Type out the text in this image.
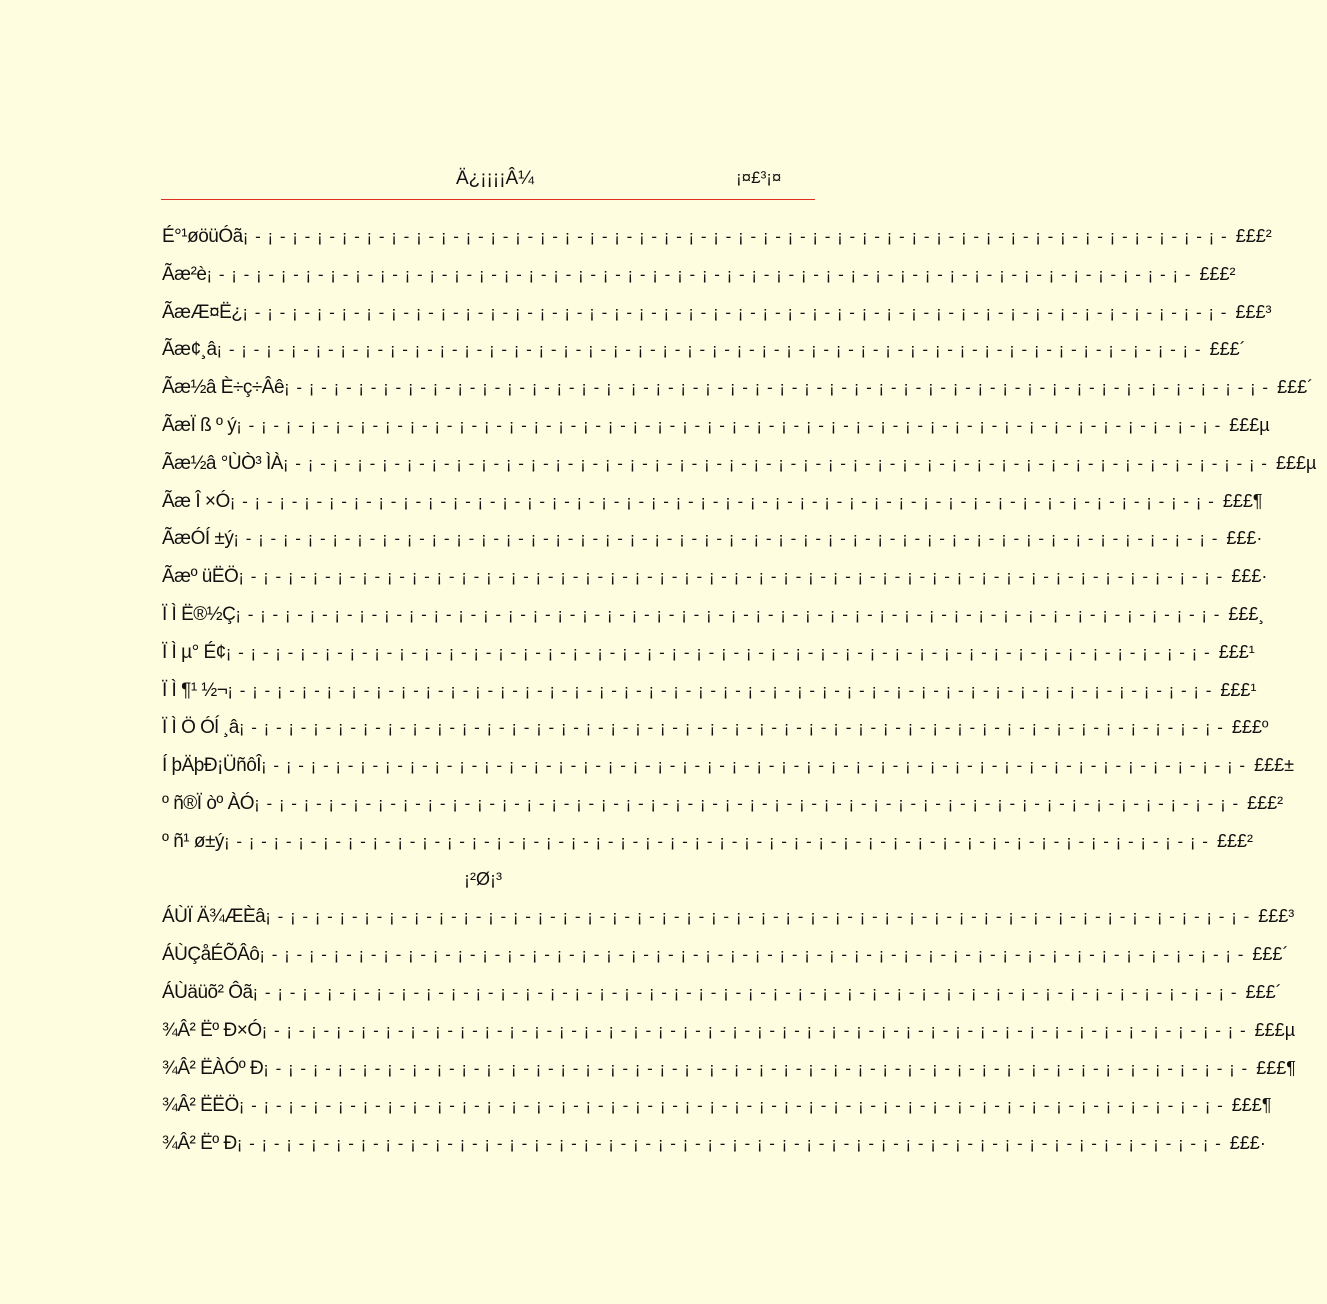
Ä¿¡¡¡¡Â¼	¡¤£³¡¤
É°¹øöüÓã ¡ - ¡ - ¡ - ¡ - ¡ - ¡ - ¡ - ¡ - ¡ - ¡ - ¡ - ¡ - ¡ - ¡ - ¡ - ¡ - ¡ - ¡ - ¡ - ¡ - ¡ - ¡ - ¡ - ¡ - ¡ - ¡ - ¡ - ¡ - ¡ - ¡ - ¡ - ¡ - ¡ - ¡ - ¡ - ¡ - ¡ - ¡ - ¡ - ¡ - £££²
Ãæ²è ¡ - ¡ - ¡ - ¡ - ¡ - ¡ - ¡ - ¡ - ¡ - ¡ - ¡ - ¡ - ¡ - ¡ - ¡ - ¡ - ¡ - ¡ - ¡ - ¡ - ¡ - ¡ - ¡ - ¡ - ¡ - ¡ - ¡ - ¡ - ¡ - ¡ - ¡ - ¡ - ¡ - ¡ - ¡ - ¡ - ¡ - ¡ - ¡ - ¡ - £££²
ÃæÆ¤Ë¿ ¡ - ¡ - ¡ - ¡ - ¡ - ¡ - ¡ - ¡ - ¡ - ¡ - ¡ - ¡ - ¡ - ¡ - ¡ - ¡ - ¡ - ¡ - ¡ - ¡ - ¡ - ¡ - ¡ - ¡ - ¡ - ¡ - ¡ - ¡ - ¡ - ¡ - ¡ - ¡ - ¡ - ¡ - ¡ - ¡ - ¡ - ¡ - ¡ - ¡ - £££³
Ãæ¢¸â ¡ - ¡ - ¡ - ¡ - ¡ - ¡ - ¡ - ¡ - ¡ - ¡ - ¡ - ¡ - ¡ - ¡ - ¡ - ¡ - ¡ - ¡ - ¡ - ¡ - ¡ - ¡ - ¡ - ¡ - ¡ - ¡ - ¡ - ¡ - ¡ - ¡ - ¡ - ¡ - ¡ - ¡ - ¡ - ¡ - ¡ - ¡ - ¡ - ¡ - £££´
Ãæ½â È÷ç÷Âê ¡ - ¡ - ¡ - ¡ - ¡ - ¡ - ¡ - ¡ - ¡ - ¡ - ¡ - ¡ - ¡ - ¡ - ¡ - ¡ - ¡ - ¡ - ¡ - ¡ - ¡ - ¡ - ¡ - ¡ - ¡ - ¡ - ¡ - ¡ - ¡ - ¡ - ¡ - ¡ - ¡ - ¡ - ¡ - ¡ - ¡ - ¡ - ¡ - ¡ - £££´
ÃæÏ ß º ý ¡ - ¡ - ¡ - ¡ - ¡ - ¡ - ¡ - ¡ - ¡ - ¡ - ¡ - ¡ - ¡ - ¡ - ¡ - ¡ - ¡ - ¡ - ¡ - ¡ - ¡ - ¡ - ¡ - ¡ - ¡ - ¡ - ¡ - ¡ - ¡ - ¡ - ¡ - ¡ - ¡ - ¡ - ¡ - ¡ - ¡ - ¡ - ¡ - ¡ - £££µ
Ãæ½â °ÙÒ³ ÌÀ ¡ - ¡ - ¡ - ¡ - ¡ - ¡ - ¡ - ¡ - ¡ - ¡ - ¡ - ¡ - ¡ - ¡ - ¡ - ¡ - ¡ - ¡ - ¡ - ¡ - ¡ - ¡ - ¡ - ¡ - ¡ - ¡ - ¡ - ¡ - ¡ - ¡ - ¡ - ¡ - ¡ - ¡ - ¡ - ¡ - ¡ - ¡ - ¡ - ¡ - £££µ
Ãæ Î ×Ó ¡ - ¡ - ¡ - ¡ - ¡ - ¡ - ¡ - ¡ - ¡ - ¡ - ¡ - ¡ - ¡ - ¡ - ¡ - ¡ - ¡ - ¡ - ¡ - ¡ - ¡ - ¡ - ¡ - ¡ - ¡ - ¡ - ¡ - ¡ - ¡ - ¡ - ¡ - ¡ - ¡ - ¡ - ¡ - ¡ - ¡ - ¡ - ¡ - ¡ - £££¶
ÃæÓÍ ±ý ¡ - ¡ - ¡ - ¡ - ¡ - ¡ - ¡ - ¡ - ¡ - ¡ - ¡ - ¡ - ¡ - ¡ - ¡ - ¡ - ¡ - ¡ - ¡ - ¡ - ¡ - ¡ - ¡ - ¡ - ¡ - ¡ - ¡ - ¡ - ¡ - ¡ - ¡ - ¡ - ¡ - ¡ - ¡ - ¡ - ¡ - ¡ - ¡ - ¡ - £££·
Ãæº üËÖ ¡ - ¡ - ¡ - ¡ - ¡ - ¡ - ¡ - ¡ - ¡ - ¡ - ¡ - ¡ - ¡ - ¡ - ¡ - ¡ - ¡ - ¡ - ¡ - ¡ - ¡ - ¡ - ¡ - ¡ - ¡ - ¡ - ¡ - ¡ - ¡ - ¡ - ¡ - ¡ - ¡ - ¡ - ¡ - ¡ - ¡ - ¡ - ¡ - ¡ - £££·
Ï Ì Ë®½Ç ¡ - ¡ - ¡ - ¡ - ¡ - ¡ - ¡ - ¡ - ¡ - ¡ - ¡ - ¡ - ¡ - ¡ - ¡ - ¡ - ¡ - ¡ - ¡ - ¡ - ¡ - ¡ - ¡ - ¡ - ¡ - ¡ - ¡ - ¡ - ¡ - ¡ - ¡ - ¡ - ¡ - ¡ - ¡ - ¡ - ¡ - ¡ - ¡ - ¡ - £££¸
Ï Ì µ° É¢ ¡ - ¡ - ¡ - ¡ - ¡ - ¡ - ¡ - ¡ - ¡ - ¡ - ¡ - ¡ - ¡ - ¡ - ¡ - ¡ - ¡ - ¡ - ¡ - ¡ - ¡ - ¡ - ¡ - ¡ - ¡ - ¡ - ¡ - ¡ - ¡ - ¡ - ¡ - ¡ - ¡ - ¡ - ¡ - ¡ - ¡ - ¡ - ¡ - ¡ - £££¹
Ï Ì ¶¹ ½¬ ¡ - ¡ - ¡ - ¡ - ¡ - ¡ - ¡ - ¡ - ¡ - ¡ - ¡ - ¡ - ¡ - ¡ - ¡ - ¡ - ¡ - ¡ - ¡ - ¡ - ¡ - ¡ - ¡ - ¡ - ¡ - ¡ - ¡ - ¡ - ¡ - ¡ - ¡ - ¡ - ¡ - ¡ - ¡ - ¡ - ¡ - ¡ - ¡ - ¡ - £££¹
Ï Ì Ö Óĺ ¸â ¡ - ¡ - ¡ - ¡ - ¡ - ¡ - ¡ - ¡ - ¡ - ¡ - ¡ - ¡ - ¡ - ¡ - ¡ - ¡ - ¡ - ¡ - ¡ - ¡ - ¡ - ¡ - ¡ - ¡ - ¡ - ¡ - ¡ - ¡ - ¡ - ¡ - ¡ - ¡ - ¡ - ¡ - ¡ - ¡ - ¡ - ¡ - ¡ - ¡ - £££º
Í þÄþÐ¡ÜñôÎ ¡ - ¡ - ¡ - ¡ - ¡ - ¡ - ¡ - ¡ - ¡ - ¡ - ¡ - ¡ - ¡ - ¡ - ¡ - ¡ - ¡ - ¡ - ¡ - ¡ - ¡ - ¡ - ¡ - ¡ - ¡ - ¡ - ¡ - ¡ - ¡ - ¡ - ¡ - ¡ - ¡ - ¡ - ¡ - ¡ - ¡ - ¡ - ¡ - ¡ - £££±
º ñ®Ï òº ÀÓ ¡ - ¡ - ¡ - ¡ - ¡ - ¡ - ¡ - ¡ - ¡ - ¡ - ¡ - ¡ - ¡ - ¡ - ¡ - ¡ - ¡ - ¡ - ¡ - ¡ - ¡ - ¡ - ¡ - ¡ - ¡ - ¡ - ¡ - ¡ - ¡ - ¡ - ¡ - ¡ - ¡ - ¡ - ¡ - ¡ - ¡ - ¡ - ¡ - ¡ - £££²
º ñ¹ ø±ý ¡ - ¡ - ¡ - ¡ - ¡ - ¡ - ¡ - ¡ - ¡ - ¡ - ¡ - ¡ - ¡ - ¡ - ¡ - ¡ - ¡ - ¡ - ¡ - ¡ - ¡ - ¡ - ¡ - ¡ - ¡ - ¡ - ¡ - ¡ - ¡ - ¡ - ¡ - ¡ - ¡ - ¡ - ¡ - ¡ - ¡ - ¡ - ¡ - ¡ - £££²
¡²Ø¡³
ÁÙÏ Ä¾ÆÈâ ¡ - ¡ - ¡ - ¡ - ¡ - ¡ - ¡ - ¡ - ¡ - ¡ - ¡ - ¡ - ¡ - ¡ - ¡ - ¡ - ¡ - ¡ - ¡ - ¡ - ¡ - ¡ - ¡ - ¡ - ¡ - ¡ - ¡ - ¡ - ¡ - ¡ - ¡ - ¡ - ¡ - ¡ - ¡ - ¡ - ¡ - ¡ - ¡ - ¡ - £££³
ÁÙÇåÉÕÂô ¡ - ¡ - ¡ - ¡ - ¡ - ¡ - ¡ - ¡ - ¡ - ¡ - ¡ - ¡ - ¡ - ¡ - ¡ - ¡ - ¡ - ¡ - ¡ - ¡ - ¡ - ¡ - ¡ - ¡ - ¡ - ¡ - ¡ - ¡ - ¡ - ¡ - ¡ - ¡ - ¡ - ¡ - ¡ - ¡ - ¡ - ¡ - ¡ - ¡ - £££´
ÁÙäüõ² Ôã ¡ - ¡ - ¡ - ¡ - ¡ - ¡ - ¡ - ¡ - ¡ - ¡ - ¡ - ¡ - ¡ - ¡ - ¡ - ¡ - ¡ - ¡ - ¡ - ¡ - ¡ - ¡ - ¡ - ¡ - ¡ - ¡ - ¡ - ¡ - ¡ - ¡ - ¡ - ¡ - ¡ - ¡ - ¡ - ¡ - ¡ - ¡ - ¡ - ¡ - £££´
¾Â² Ëº Ð×Ó ¡ - ¡ - ¡ - ¡ - ¡ - ¡ - ¡ - ¡ - ¡ - ¡ - ¡ - ¡ - ¡ - ¡ - ¡ - ¡ - ¡ - ¡ - ¡ - ¡ - ¡ - ¡ - ¡ - ¡ - ¡ - ¡ - ¡ - ¡ - ¡ - ¡ - ¡ - ¡ - ¡ - ¡ - ¡ - ¡ - ¡ - ¡ - ¡ - ¡ - £££µ
¾Â² ËÀÓº Ð ¡ - ¡ - ¡ - ¡ - ¡ - ¡ - ¡ - ¡ - ¡ - ¡ - ¡ - ¡ - ¡ - ¡ - ¡ - ¡ - ¡ - ¡ - ¡ - ¡ - ¡ - ¡ - ¡ - ¡ - ¡ - ¡ - ¡ - ¡ - ¡ - ¡ - ¡ - ¡ - ¡ - ¡ - ¡ - ¡ - ¡ - ¡ - ¡ - ¡ - £££¶
¾Â² ËËÖ ¡ - ¡ - ¡ - ¡ - ¡ - ¡ - ¡ - ¡ - ¡ - ¡ - ¡ - ¡ - ¡ - ¡ - ¡ - ¡ - ¡ - ¡ - ¡ - ¡ - ¡ - ¡ - ¡ - ¡ - ¡ - ¡ - ¡ - ¡ - ¡ - ¡ - ¡ - ¡ - ¡ - ¡ - ¡ - ¡ - ¡ - ¡ - ¡ - ¡ - £££¶
¾Â² Ëº Ð ¡ - ¡ - ¡ - ¡ - ¡ - ¡ - ¡ - ¡ - ¡ - ¡ - ¡ - ¡ - ¡ - ¡ - ¡ - ¡ - ¡ - ¡ - ¡ - ¡ - ¡ - ¡ - ¡ - ¡ - ¡ - ¡ - ¡ - ¡ - ¡ - ¡ - ¡ - ¡ - ¡ - ¡ - ¡ - ¡ - ¡ - ¡ - ¡ - ¡ - £££·
